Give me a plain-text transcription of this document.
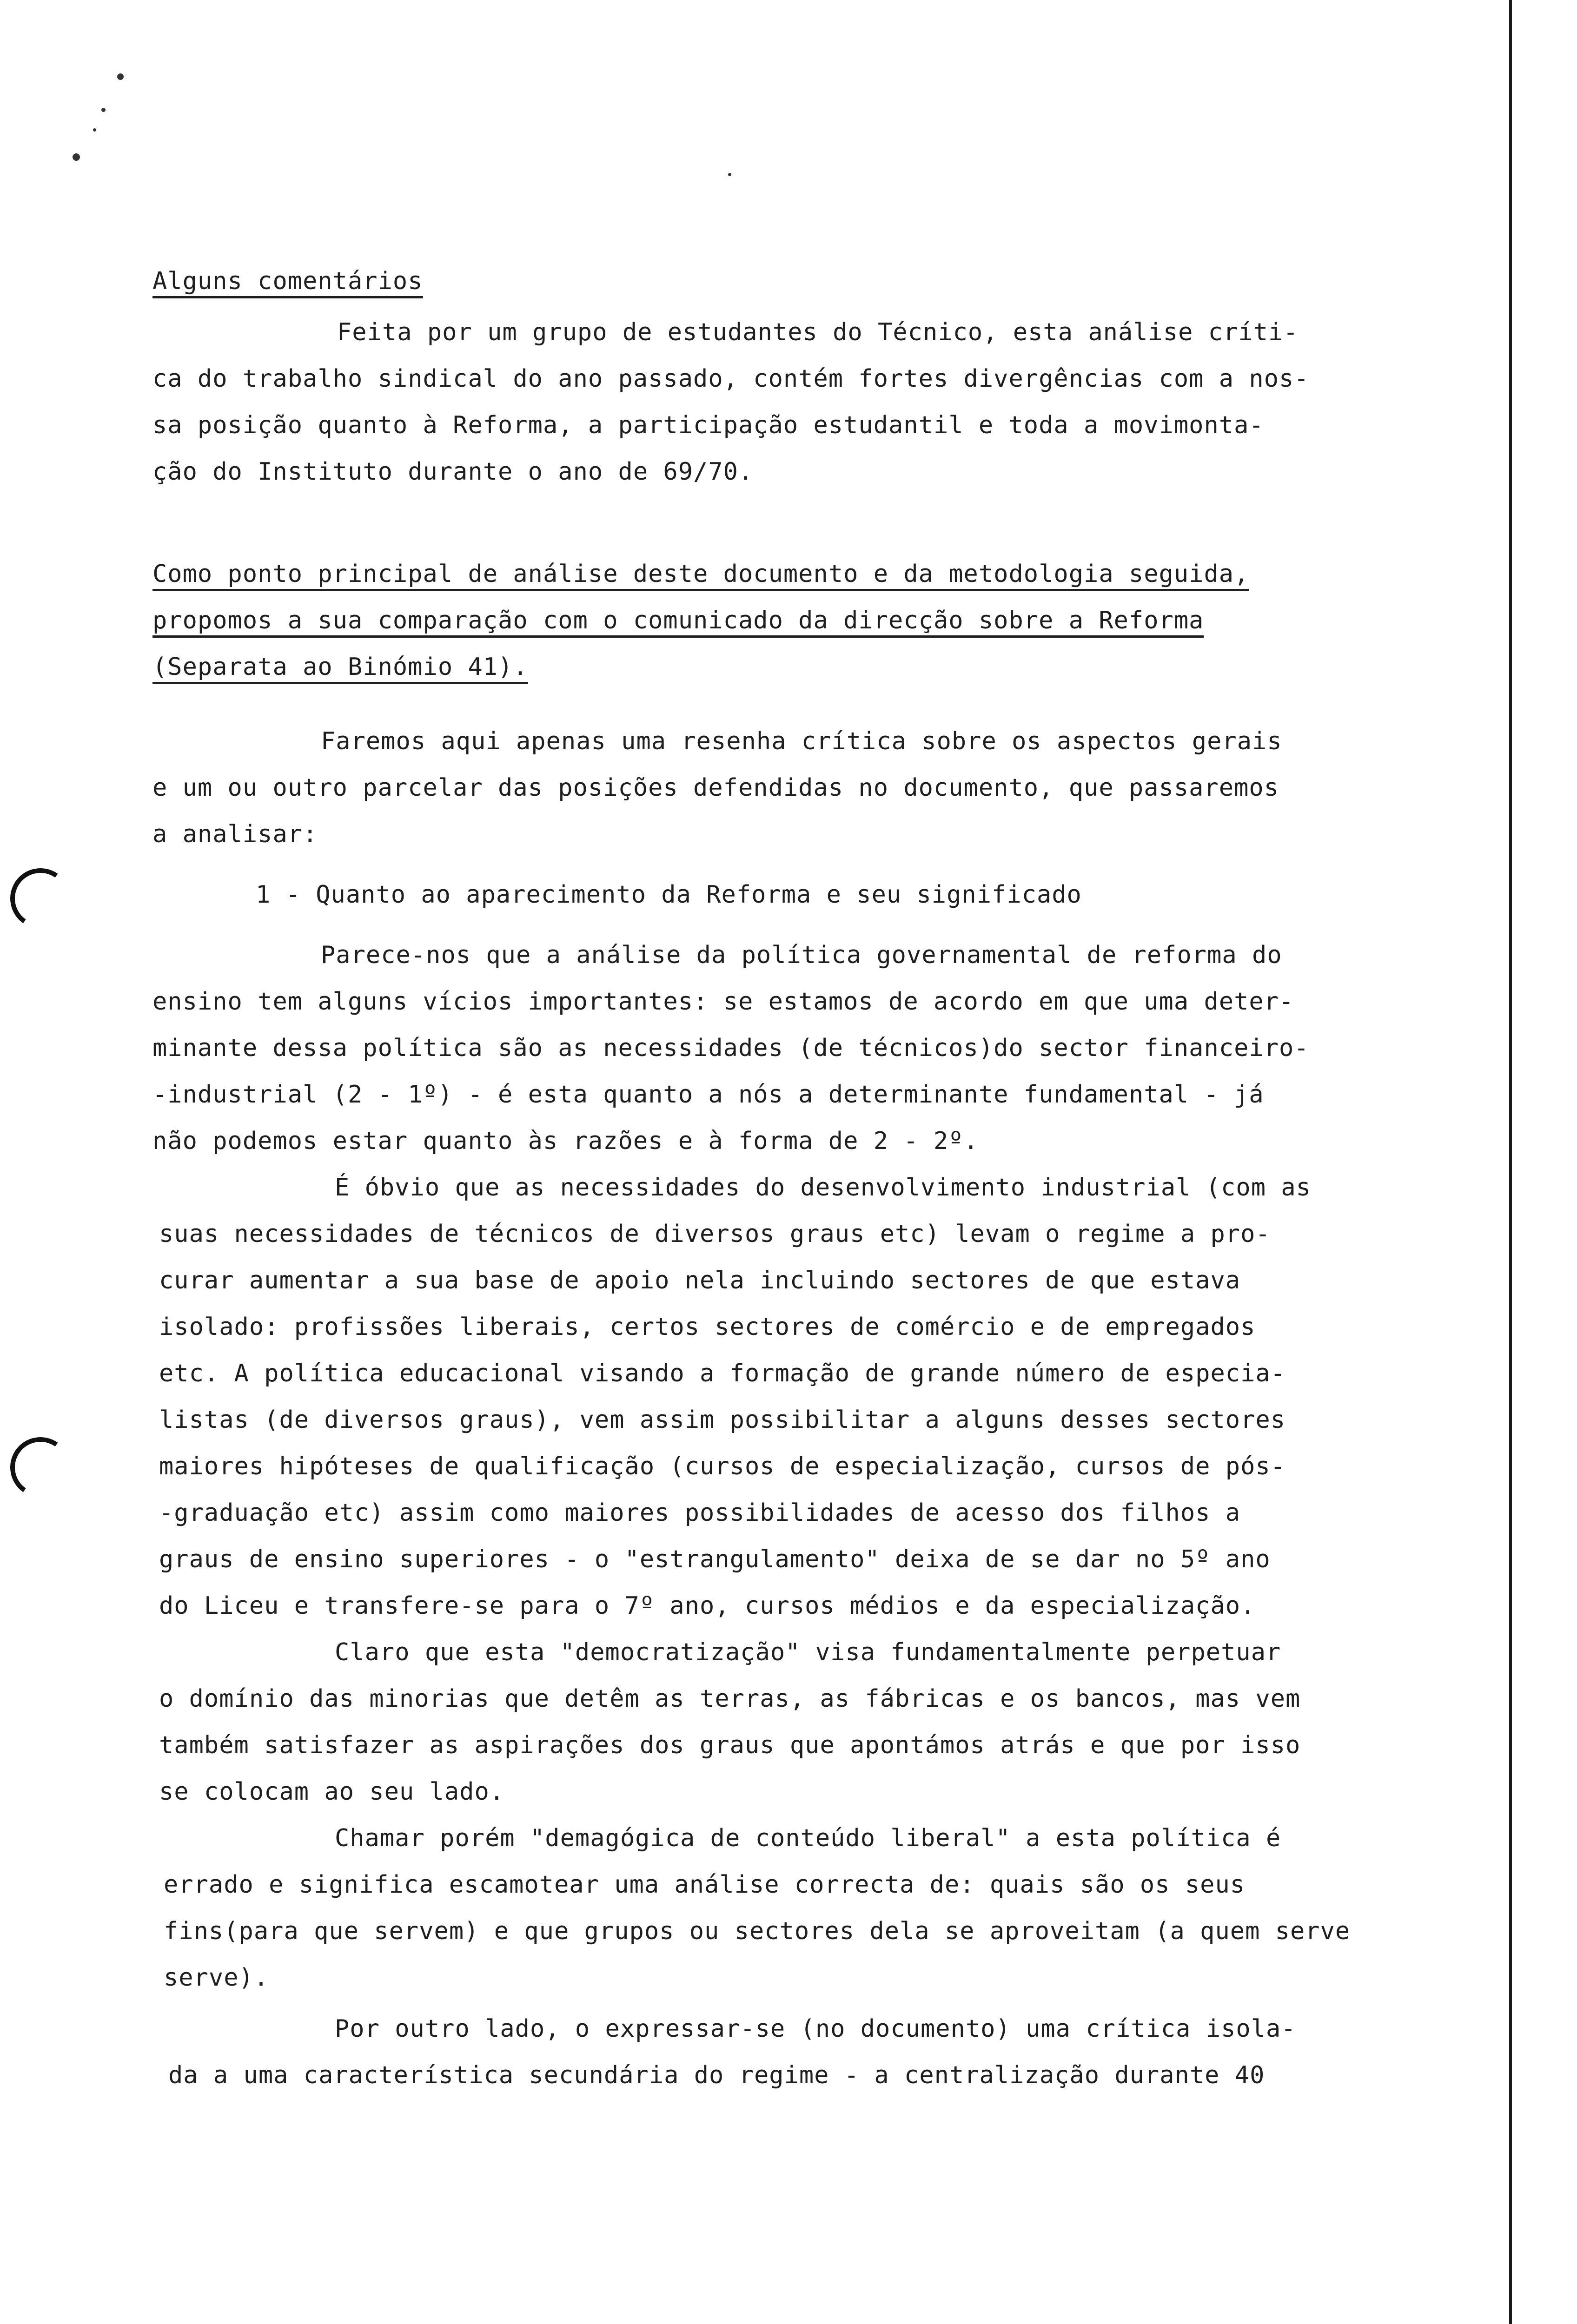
Alguns comentários
Feita por um grupo de estudantes do Técnico, esta análise críti-
ca do trabalho sindical do ano passado, contém fortes divergências com a nos-
sa posição quanto à Reforma, a participação estudantil e toda a movimonta-
ção do Instituto durante o ano de 69/70.
Como ponto principal de análise deste documento e da metodologia seguida,
propomos a sua comparação com o comunicado da direcção sobre a Reforma
(Separata ao Binómio 41).
Faremos aqui apenas uma resenha crítica sobre os aspectos gerais
e um ou outro parcelar das posições defendidas no documento, que passaremos
a analisar:
1 - Quanto ao aparecimento da Reforma e seu significado
Parece-nos que a análise da política governamental de reforma do
ensino tem alguns vícios importantes: se estamos de acordo em que uma deter-
minante dessa política são as necessidades (de técnicos)do sector financeiro-
-industrial (2 - 1º) - é esta quanto a nós a determinante fundamental - já
não podemos estar quanto às razões e à forma de 2 - 2º.
É óbvio que as necessidades do desenvolvimento industrial (com as
suas necessidades de técnicos de diversos graus etc) levam o regime a pro-
curar aumentar a sua base de apoio nela incluindo sectores de que estava
isolado: profissões liberais, certos sectores de comércio e de empregados
etc. A política educacional visando a formação de grande número de especia-
listas (de diversos graus), vem assim possibilitar a alguns desses sectores
maiores hipóteses de qualificação (cursos de especialização, cursos de pós-
-graduação etc) assim como maiores possibilidades de acesso dos filhos a
graus de ensino superiores - o "estrangulamento" deixa de se dar no 5º ano
do Liceu e transfere-se para o 7º ano, cursos médios e da especialização.
Claro que esta "democratização" visa fundamentalmente perpetuar
o domínio das minorias que detêm as terras, as fábricas e os bancos, mas vem
também satisfazer as aspirações dos graus que apontámos atrás e que por isso
se colocam ao seu lado.
Chamar porém "demagógica de conteúdo liberal" a esta política é
errado e significa escamotear uma análise correcta de: quais são os seus
fins(para que servem) e que grupos ou sectores dela se aproveitam (a quem serve
serve).
Por outro lado, o expressar-se (no documento) uma crítica isola-
da a uma característica secundária do regime - a centralização durante 40
